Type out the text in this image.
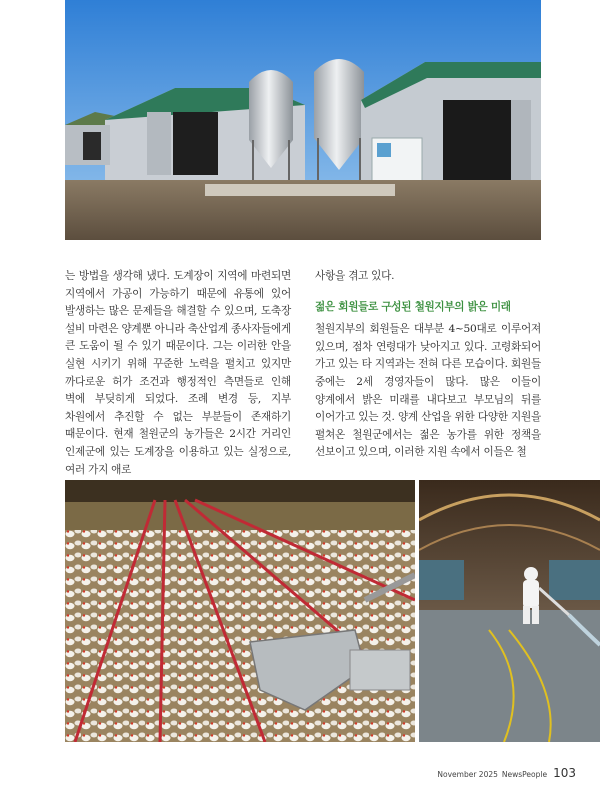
는 방법을 생각해 냈다. 도계장이 지역에 마련되면 지역에서 가공이 가능하기 때문에 유통에 있어 발생하는 많은 문제들을 해결할 수 있으며, 도축장 설비 마련은 양계뿐 아니라 축산업계 종사자들에게 큰 도움이 될 수 있기 때문이다. 그는 이러한 안을 실현 시키기 위해 꾸준한 노력을 펼치고 있지만 까다로운 허가 조건과 행정적인 측면들로 인해 벽에 부딪히게 되었다. 조례 변경 등, 지부 차원에서 추진할 수 없는 부분들이 존재하기 때문이다. 현재 철원군의 농가들은 2시간 거리인 인제군에 있는 도계장을 이용하고 있는 실정으로, 여러 가지 애로

사항을 겪고 있다.

젊은 회원들로 구성된 철원지부의 밝은 미래

철원지부의 회원들은 대부분 4~50대로 이루어져 있으며, 점차 연령대가 낮아지고 있다. 고령화되어 가고 있는 타 지역과는 전혀 다른 모습이다. 회원들 중에는 2세 경영자들이 많다. 많은 이들이 양계에서 밝은 미래를 내다보고 부모님의 뒤를 이어가고 있는 것. 양계 산업을 위한 다양한 지원을 펼쳐온 철원군에서는 젊은 농가를 위한 정책을 선보이고 있으며, 이러한 지원 속에서 이들은 철

November 2025 NewsPeople 103
